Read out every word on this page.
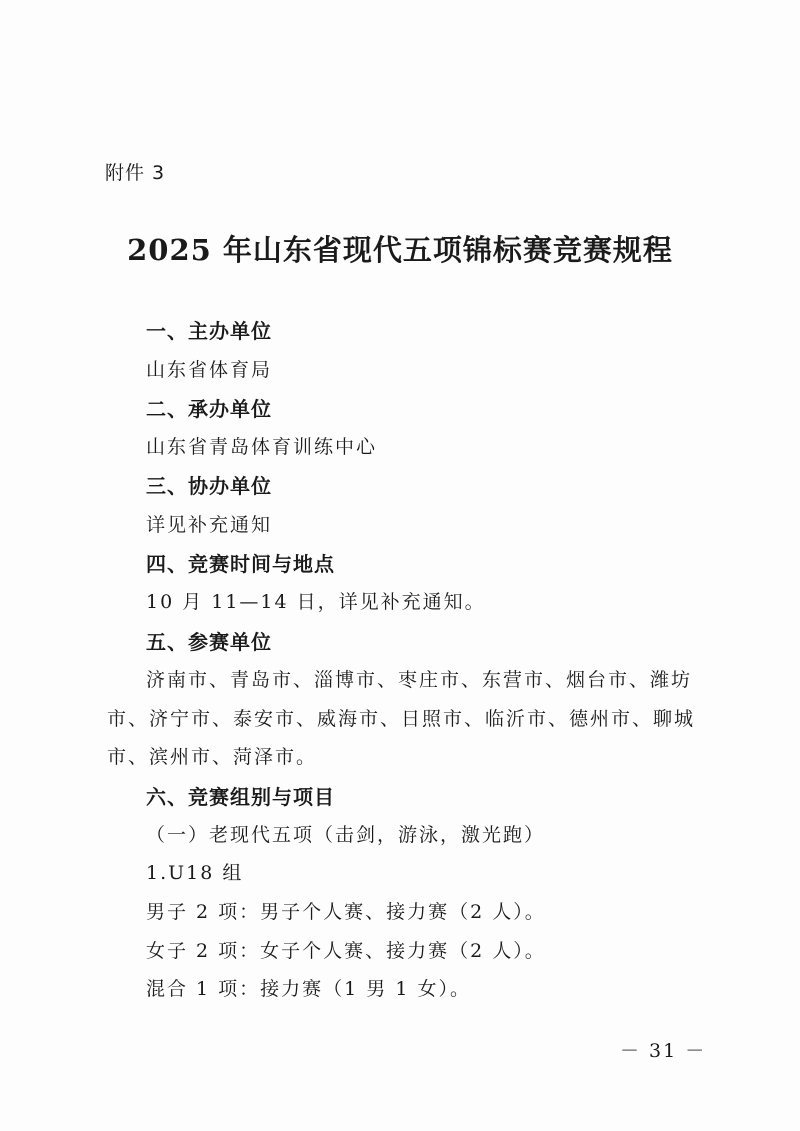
附件 3
2025 年山东省现代五项锦标赛竞赛规程
一、主办单位
山东省体育局
二、承办单位
山东省青岛体育训练中心
三、协办单位
详见补充通知
四、竞赛时间与地点
10 月 11—14 日，详见补充通知。
五、参赛单位
济南市、青岛市、淄博市、枣庄市、东营市、烟台市、潍坊
市、济宁市、泰安市、威海市、日照市、临沂市、德州市、聊城
市、滨州市、菏泽市。
六、竞赛组别与项目
（一）老现代五项（击剑，游泳，激光跑）
1.U18 组
男子 2 项：男子个人赛、接力赛（2 人）。
女子 2 项：女子个人赛、接力赛（2 人）。
混合 1 项：接力赛（1 男 1 女）。
－ 31 －
